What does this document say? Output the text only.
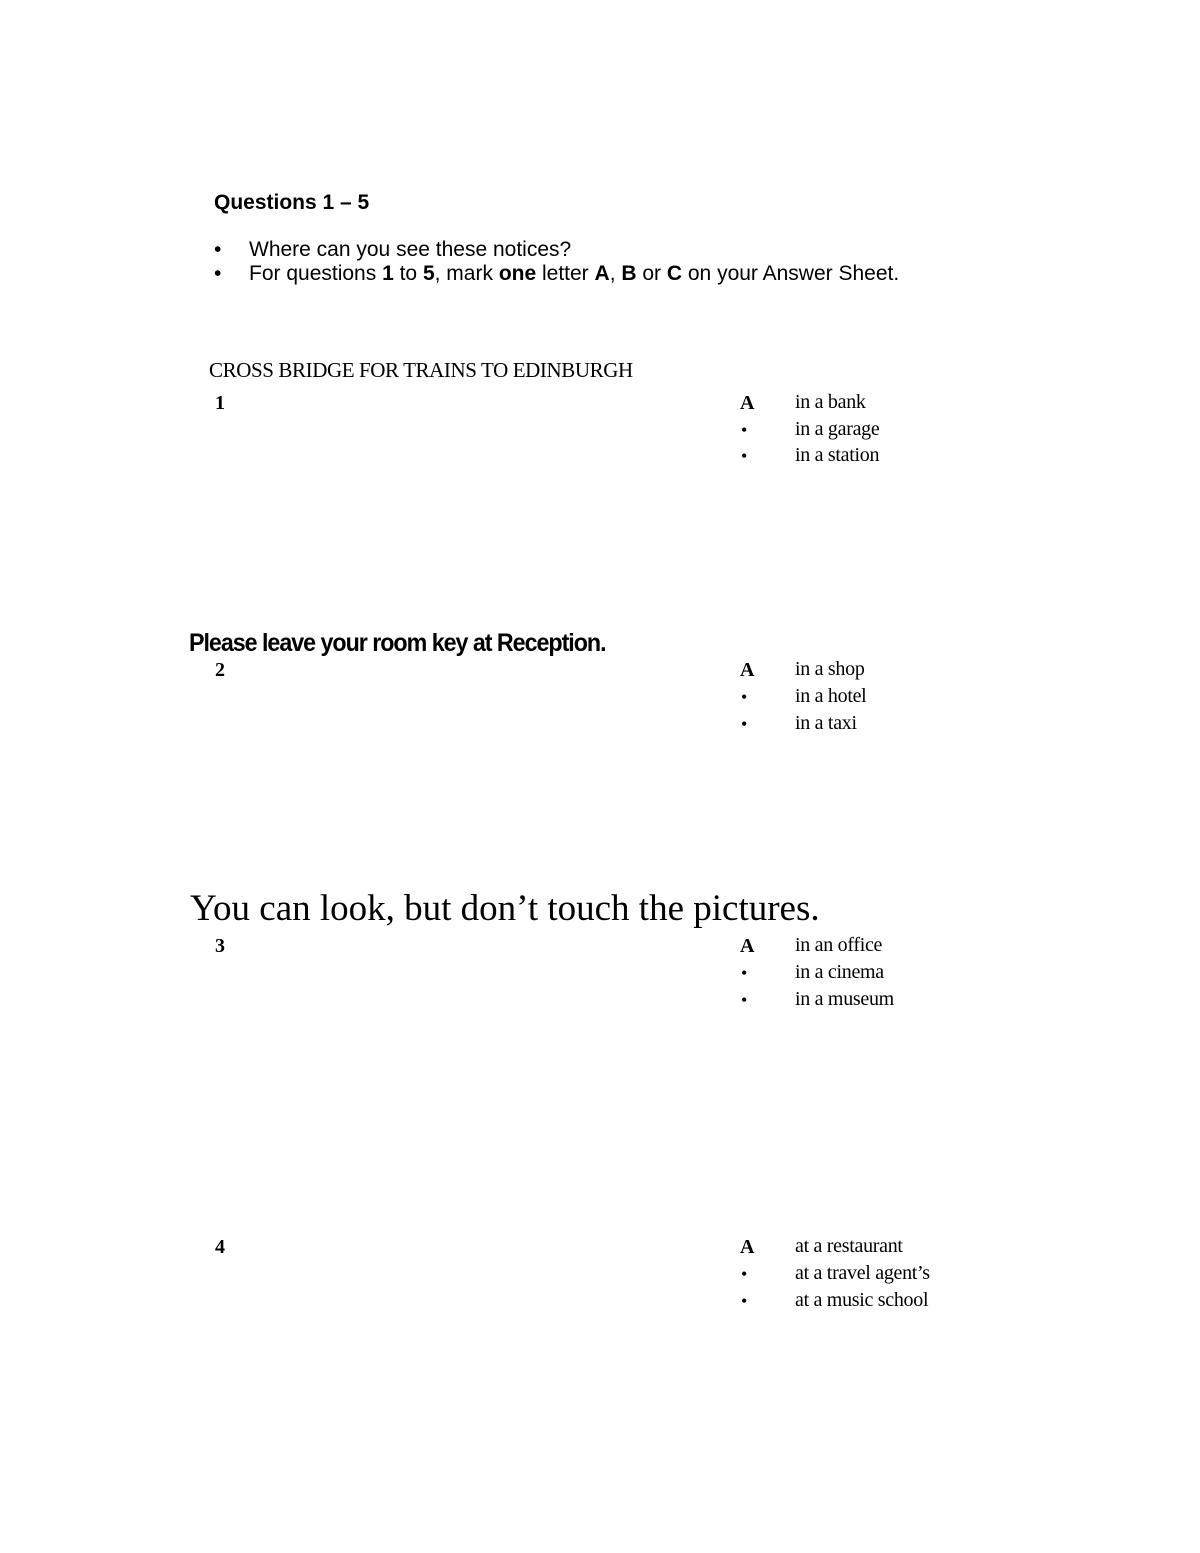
Questions 1 – 5
• Where can you see these notices?
• For questions 1 to 5, mark one letter A, B or C on your Answer Sheet.
CROSS BRIDGE FOR TRAINS TO EDINBURGH
1	A in a bank
• in a garage
• in a station
Please leave your room key at Reception.
2	A in a shop
• in a hotel
• in a taxi
You can look, but don’t touch the pictures.
3	A in an office
• in a cinema
• in a museum
4	A at a restaurant
• at a travel agent’s
• at a music school
